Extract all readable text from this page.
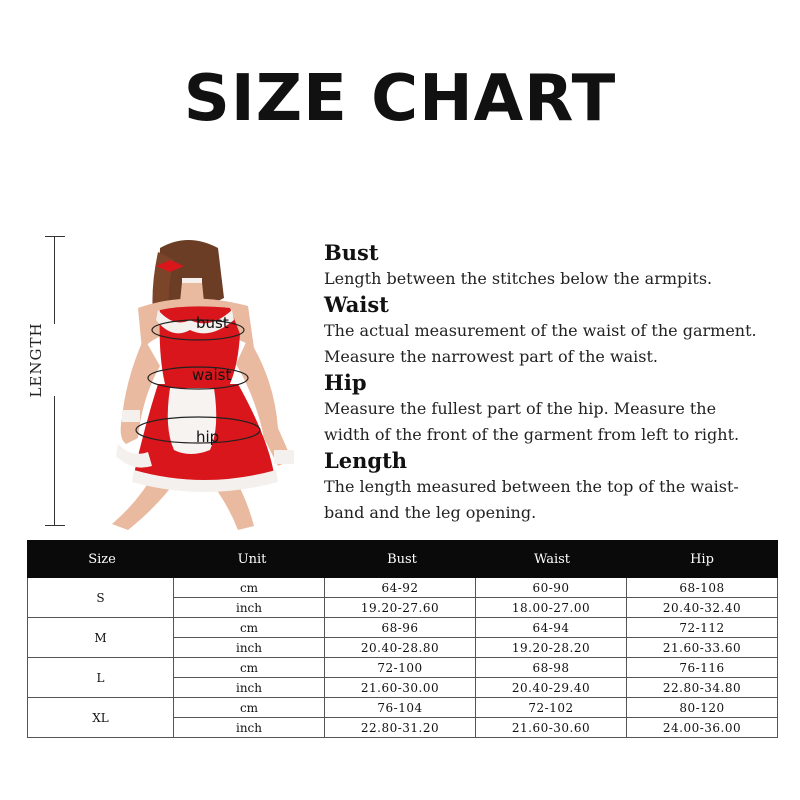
SIZE CHART
LENGTH	bust
waist
hip
Bust
Length between the stitches below the armpits.
Waist
The actual measurement of the waist of the garment.
Measure the narrowest part of the waist.
Hip
Measure the fullest part of the hip. Measure the
width of the front of the garment from left to right.
Length
The length measured between the top of the waist-
band and the leg opening.
Size	Unit	Bust	Waist	Hip
S
cm	64-92	60-90	68-108
inch	19.20-27.60	18.00-27.00	20.40-32.40
M
cm	68-96	64-94	72-112
inch	20.40-28.80	19.20-28.20	21.60-33.60
L
cm	72-100	68-98	76-116
inch	21.60-30.00	20.40-29.40	22.80-34.80
XL
cm	76-104	72-102	80-120
inch	22.80-31.20	21.60-30.60	24.00-36.00
